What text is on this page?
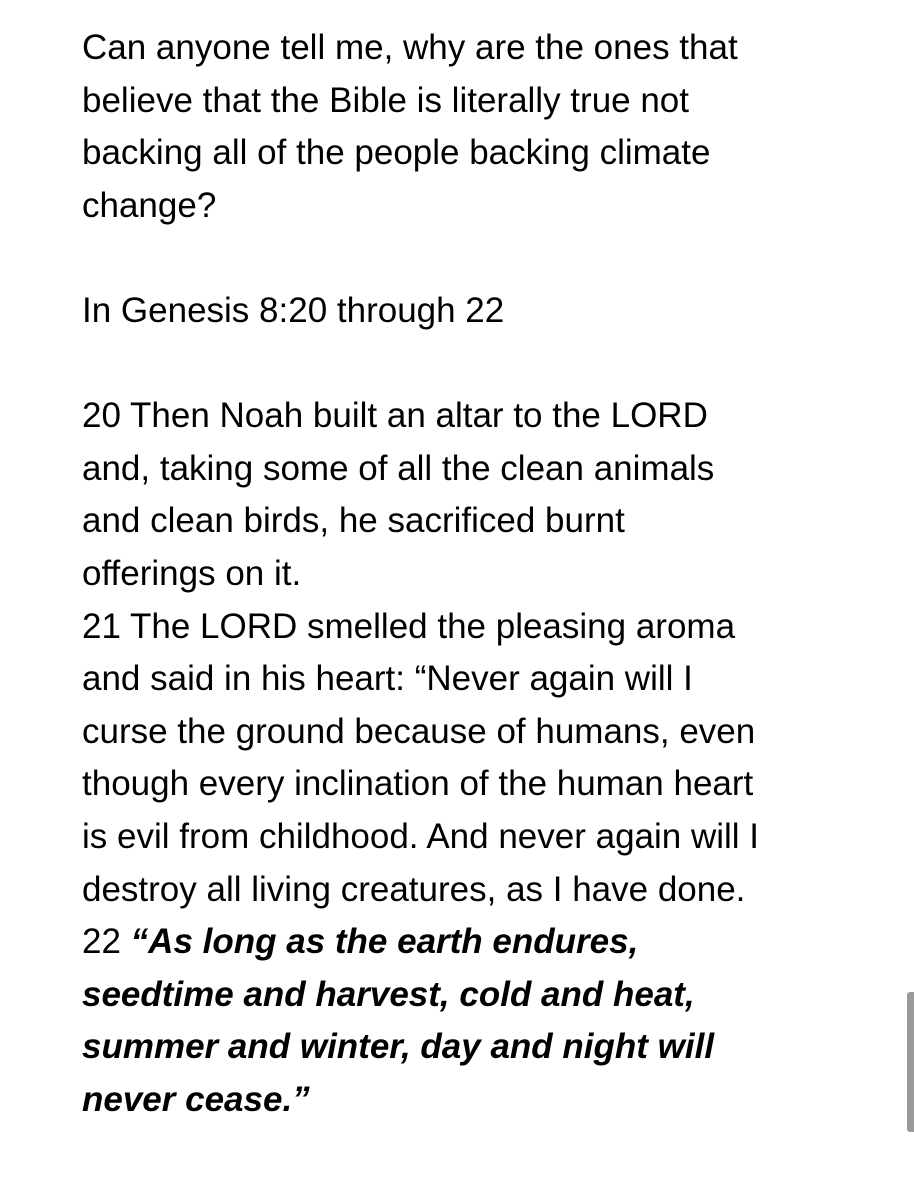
Can anyone tell me, why are the ones that
believe that the Bible is literally true not
backing all of the people backing climate
change?

In Genesis 8:20 through 22

20 Then Noah built an altar to the LORD
and, taking some of all the clean animals
and clean birds, he sacrificed burnt
offerings on it.

21 The LORD smelled the pleasing aroma
and said in his heart: “Never again will I
curse the ground because of humans, even
though every inclination of the human heart
is evil from childhood. And never again will I
destroy all living creatures, as I have done.

22 “As long as the earth endures,
seedtime and harvest, cold and heat,
summer and winter, day and night will
never cease.”
